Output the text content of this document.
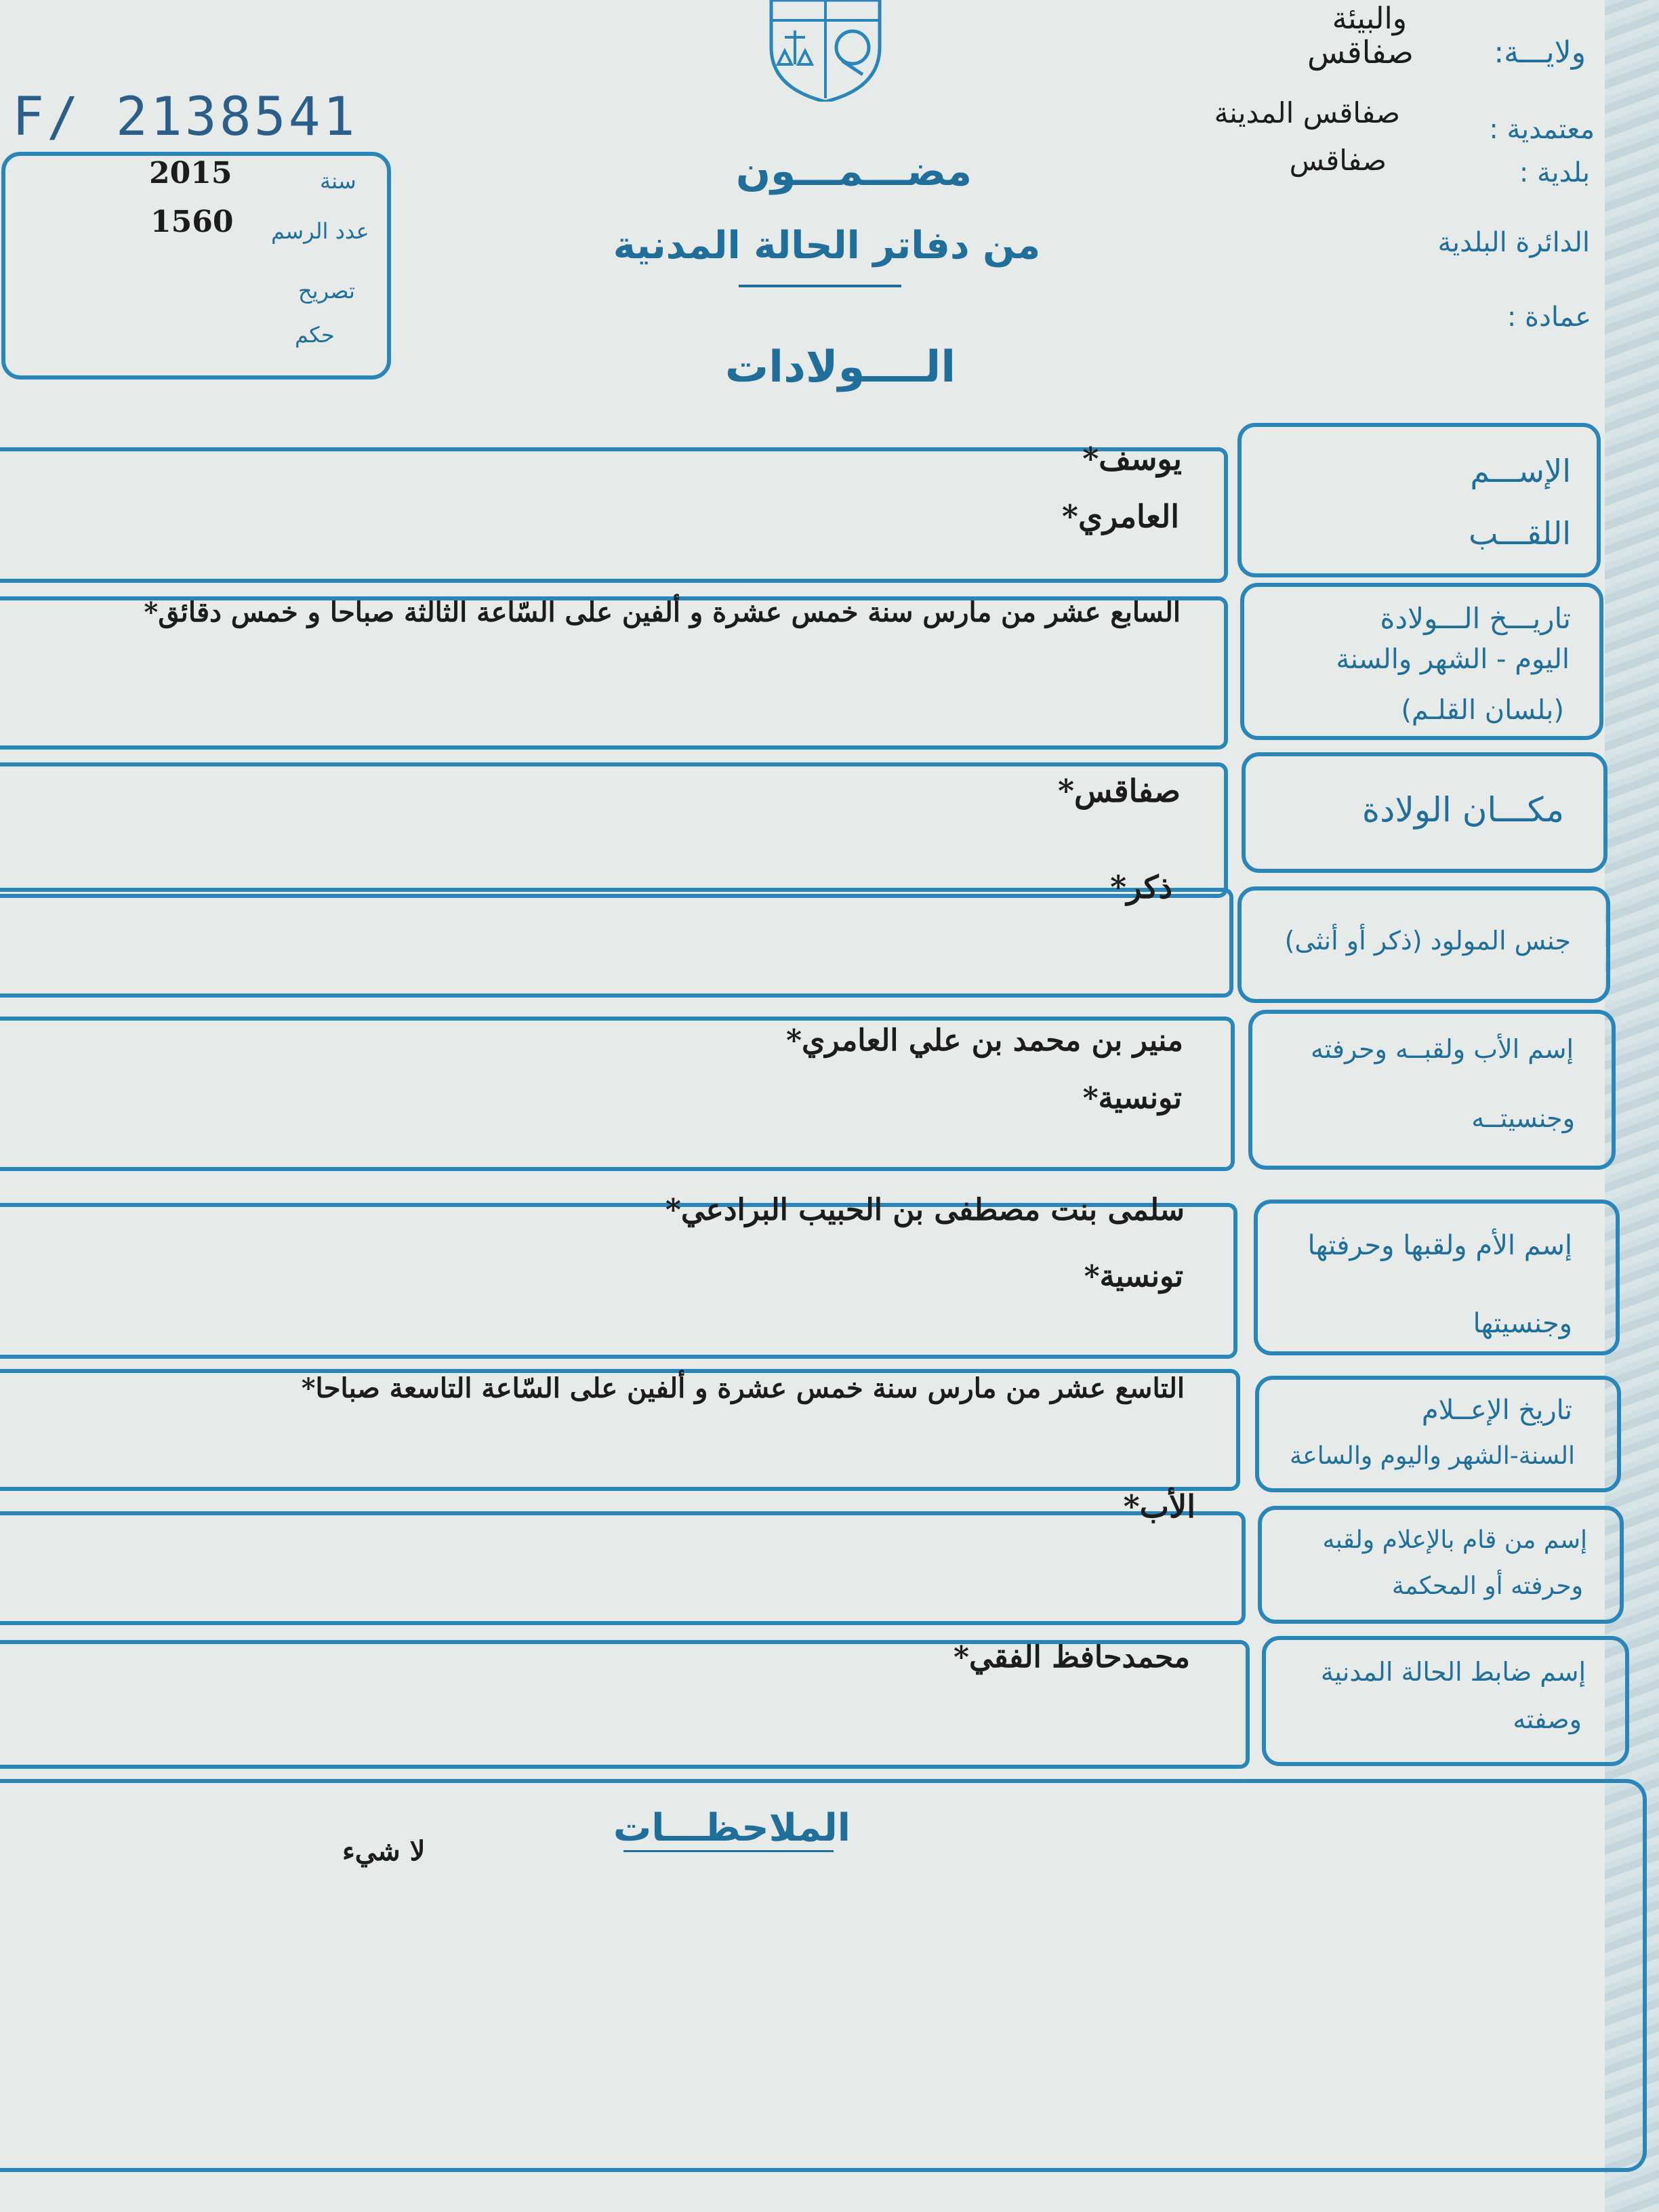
والبيئة
صفاقس	ولايـــة:
صفاقس المدينة	معتمدية :
صفاقس	بلدية :
الدائرة البلدية
عمادة :
F/ 2138541
2015	سنة
1560 عدد الرسم
تصريح
حكم
مضـــمـــون
من دفاتر الحالة المدنية
الــــولادات
الإســـم
اللقـــب
يوسف*
العامري*
تاريـــخ الـــولادة
اليوم - الشهر والسنة
(بلسان القلـم)
السابع عشر من مارس سنة خمس عشرة و ألفين على السّاعة الثالثة صباحا و خمس دقائق*
مكـــان الولادة
صفاقس*
جنس المولود (ذكر أو أنثى)
ذكر*
إسم الأب ولقبــه وحرفته
وجنسيتــه
منير بن محمد بن علي العامري*
تونسية*
إسم الأم ولقبها وحرفتها
وجنسيتها
سلمى بنت مصطفى بن الحبيب البرادعي*
تونسية*
تاريخ الإعــلام
السنة-الشهر واليوم والساعة
التاسع عشر من مارس سنة خمس عشرة و ألفين على السّاعة التاسعة صباحا*
إسم من قام بالإعلام ولقبه
وحرفته أو المحكمة
الأب*
إسم ضابط الحالة المدنية
وصفته
محمدحافظ الفقي*
الملاحظـــات
لا شيء
